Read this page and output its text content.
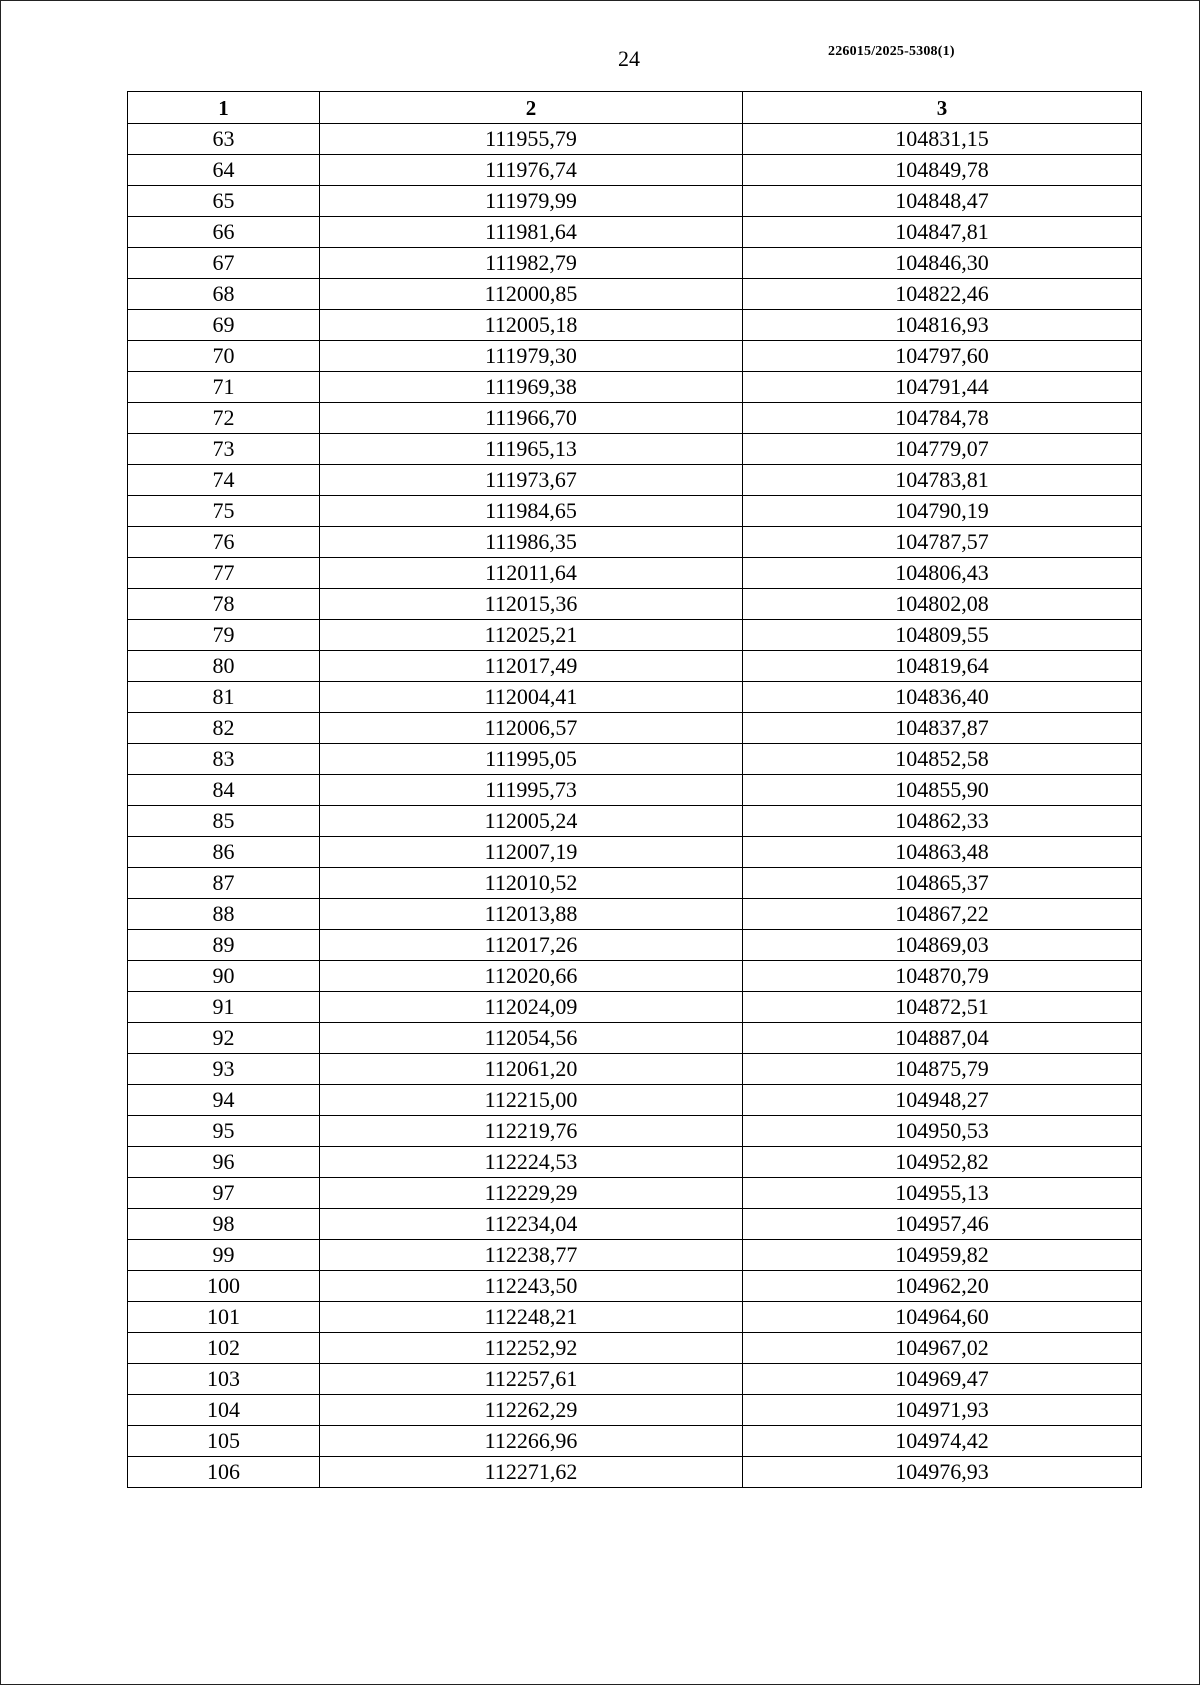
24	226015/2025-5308(1)
1	2	3
63	111955,79	104831,15
64	111976,74	104849,78
65	111979,99	104848,47
66	111981,64	104847,81
67	111982,79	104846,30
68	112000,85	104822,46
69	112005,18	104816,93
70	111979,30	104797,60
71	111969,38	104791,44
72	111966,70	104784,78
73	111965,13	104779,07
74	111973,67	104783,81
75	111984,65	104790,19
76	111986,35	104787,57
77	112011,64	104806,43
78	112015,36	104802,08
79	112025,21	104809,55
80	112017,49	104819,64
81	112004,41	104836,40
82	112006,57	104837,87
83	111995,05	104852,58
84	111995,73	104855,90
85	112005,24	104862,33
86	112007,19	104863,48
87	112010,52	104865,37
88	112013,88	104867,22
89	112017,26	104869,03
90	112020,66	104870,79
91	112024,09	104872,51
92	112054,56	104887,04
93	112061,20	104875,79
94	112215,00	104948,27
95	112219,76	104950,53
96	112224,53	104952,82
97	112229,29	104955,13
98	112234,04	104957,46
99	112238,77	104959,82
100	112243,50	104962,20
101	112248,21	104964,60
102	112252,92	104967,02
103	112257,61	104969,47
104	112262,29	104971,93
105	112266,96	104974,42
106	112271,62	104976,93
